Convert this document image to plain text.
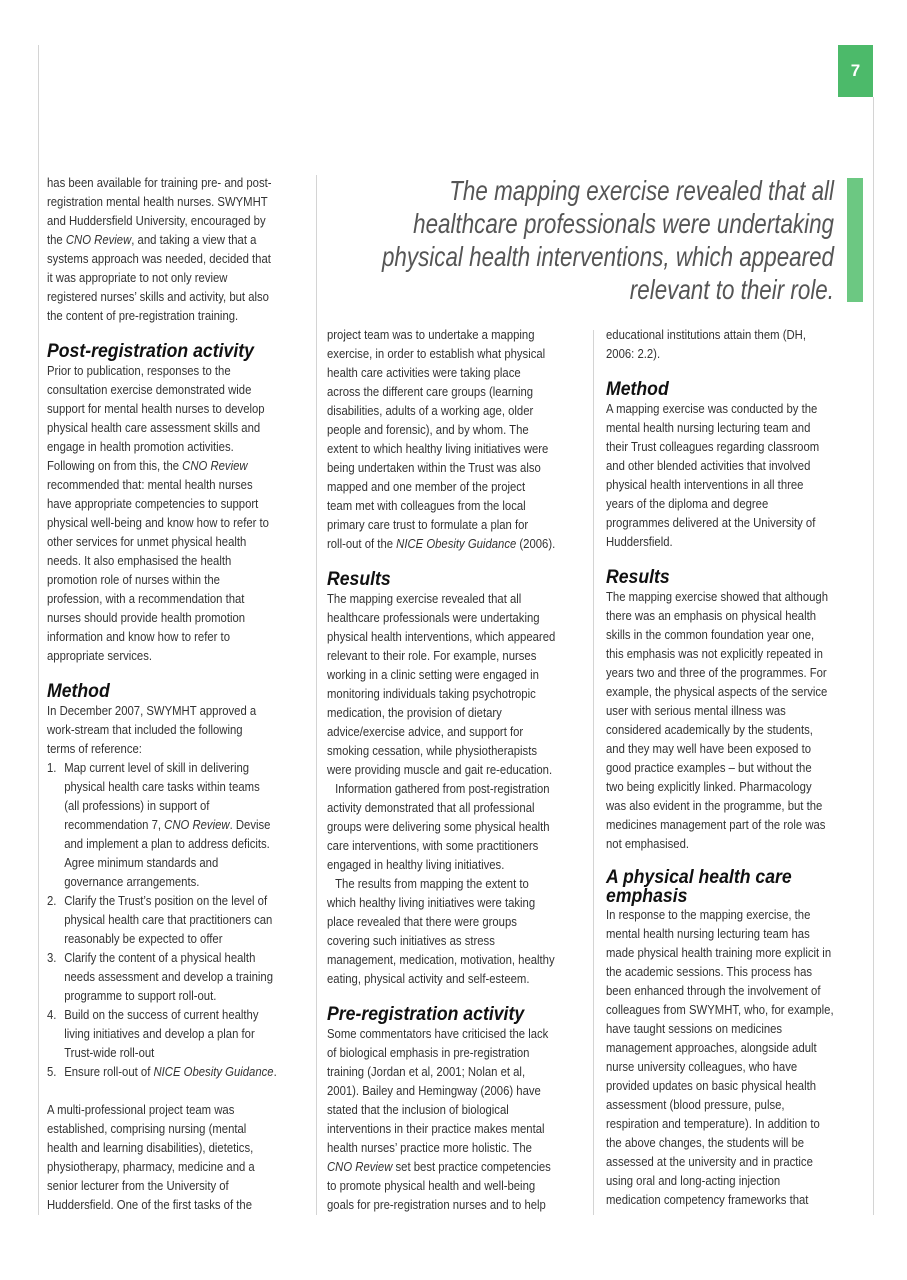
7
The mapping exercise revealed that all
healthcare professionals were undertaking
physical health interventions, which appeared
relevant to their role.
has been available for training pre- and post-
registration mental health nurses. SWYMHT
and Huddersfield University, encouraged by
the CNO Review, and taking a view that a
systems approach was needed, decided that
it was appropriate to not only review
registered nurses’ skills and activity, but also
the content of pre-registration training.
Post-registration activity
Prior to publication, responses to the
consultation exercise demonstrated wide
support for mental health nurses to develop
physical health care assessment skills and
engage in health promotion activities.
Following on from this, the CNO Review
recommended that: mental health nurses
have appropriate competencies to support
physical well-being and know how to refer to
other services for unmet physical health
needs. It also emphasised the health
promotion role of nurses within the
profession, with a recommendation that
nurses should provide health promotion
information and know how to refer to
appropriate services.
Method
In December 2007, SWYMHT approved a
work-stream that included the following
terms of reference:
1. Map current level of skill in delivering
physical health care tasks within teams
(all professions) in support of
recommendation 7, CNO Review. Devise
and implement a plan to address deficits.
Agree minimum standards and
governance arrangements.
2. Clarify the Trust’s position on the level of
physical health care that practitioners can
reasonably be expected to offer
3. Clarify the content of a physical health
needs assessment and develop a training
programme to support roll-out.
4. Build on the success of current healthy
living initiatives and develop a plan for
Trust-wide roll-out
5. Ensure roll-out of NICE Obesity Guidance.
A multi-professional project team was
established, comprising nursing (mental
health and learning disabilities), dietetics,
physiotherapy, pharmacy, medicine and a
senior lecturer from the University of
Huddersfield. One of the first tasks of the
project team was to undertake a mapping
exercise, in order to establish what physical
health care activities were taking place
across the different care groups (learning
disabilities, adults of a working age, older
people and forensic), and by whom. The
extent to which healthy living initiatives were
being undertaken within the Trust was also
mapped and one member of the project
team met with colleagues from the local
primary care trust to formulate a plan for
roll-out of the NICE Obesity Guidance (2006).
Results
The mapping exercise revealed that all
healthcare professionals were undertaking
physical health interventions, which appeared
relevant to their role. For example, nurses
working in a clinic setting were engaged in
monitoring individuals taking psychotropic
medication, the provision of dietary
advice/exercise advice, and support for
smoking cessation, while physiotherapists
were providing muscle and gait re-education.
Information gathered from post-registration
activity demonstrated that all professional
groups were delivering some physical health
care interventions, with some practitioners
engaged in healthy living initiatives.
The results from mapping the extent to
which healthy living initiatives were taking
place revealed that there were groups
covering such initiatives as stress
management, medication, motivation, healthy
eating, physical activity and self-esteem.
Pre-registration activity
Some commentators have criticised the lack
of biological emphasis in pre-registration
training (Jordan et al, 2001; Nolan et al,
2001). Bailey and Hemingway (2006) have
stated that the inclusion of biological
interventions in their practice makes mental
health nurses’ practice more holistic. The
CNO Review set best practice competencies
to promote physical health and well-being
goals for pre-registration nurses and to help
educational institutions attain them (DH,
2006: 2.2).
Method
A mapping exercise was conducted by the
mental health nursing lecturing team and
their Trust colleagues regarding classroom
and other blended activities that involved
physical health interventions in all three
years of the diploma and degree
programmes delivered at the University of
Huddersfield.
Results
The mapping exercise showed that although
there was an emphasis on physical health
skills in the common foundation year one,
this emphasis was not explicitly repeated in
years two and three of the programmes. For
example, the physical aspects of the service
user with serious mental illness was
considered academically by the students,
and they may well have been exposed to
good practice examples – but without the
two being explicitly linked. Pharmacology
was also evident in the programme, but the
medicines management part of the role was
not emphasised.
A physical health care
emphasis
In response to the mapping exercise, the
mental health nursing lecturing team has
made physical health training more explicit in
the academic sessions. This process has
been enhanced through the involvement of
colleagues from SWYMHT, who, for example,
have taught sessions on medicines
management approaches, alongside adult
nurse university colleagues, who have
provided updates on basic physical health
assessment (blood pressure, pulse,
respiration and temperature). In addition to
the above changes, the students will be
assessed at the university and in practice
using oral and long-acting injection
medication competency frameworks that
